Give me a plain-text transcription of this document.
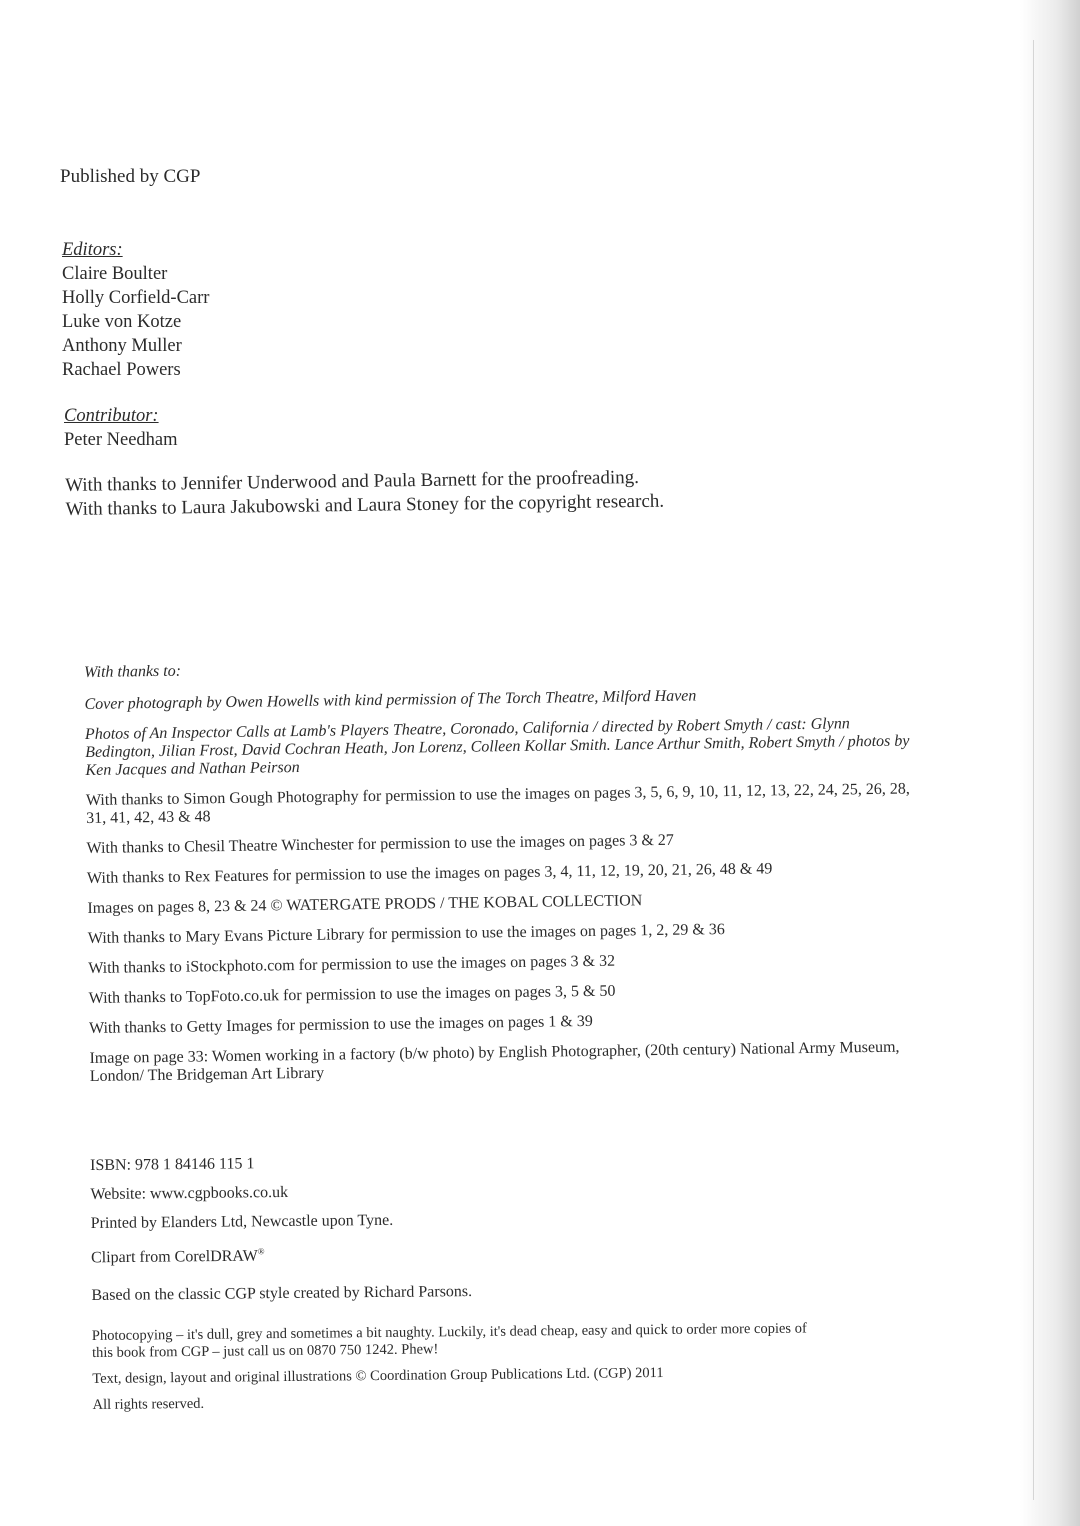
Published by CGP
Editors:
Claire Boulter
Holly Corfield-Carr
Luke von Kotze
Anthony Muller
Rachael Powers
Contributor:
Peter Needham
With thanks to Jennifer Underwood and Paula Barnett for the proofreading.
With thanks to Laura Jakubowski and Laura Stoney for the copyright research.

With thanks to:

Cover photograph by Owen Howells with kind permission of The Torch Theatre, Milford Haven

Photos of An Inspector Calls at Lamb's Players Theatre, Coronado, California / directed by Robert Smyth / cast: Glynn Bedington, Jilian Frost, David Cochran Heath, Jon Lorenz, Colleen Kollar Smith. Lance Arthur Smith, Robert Smyth / photos by Ken Jacques and Nathan Peirson

With thanks to Simon Gough Photography for permission to use the images on pages 3, 5, 6, 9, 10, 11, 12, 13, 22, 24, 25, 26, 28, 31, 41, 42, 43 & 48

With thanks to Chesil Theatre Winchester for permission to use the images on pages 3 & 27

With thanks to Rex Features for permission to use the images on pages 3, 4, 11, 12, 19, 20, 21, 26, 48 & 49

Images on pages 8, 23 & 24 © WATERGATE PRODS / THE KOBAL COLLECTION

With thanks to Mary Evans Picture Library for permission to use the images on pages 1, 2, 29 & 36

With thanks to iStockphoto.com for permission to use the images on pages 3 & 32

With thanks to TopFoto.co.uk for permission to use the images on pages 3, 5 & 50

With thanks to Getty Images for permission to use the images on pages 1 & 39

Image on page 33: Women working in a factory (b/w photo) by English Photographer, (20th century) National Army Museum, London/ The Bridgeman Art Library

ISBN: 978 1 84146 115 1

Website: www.cgpbooks.co.uk

Printed by Elanders Ltd, Newcastle upon Tyne.

Clipart from CorelDRAW®

Based on the classic CGP style created by Richard Parsons.

Photocopying – it's dull, grey and sometimes a bit naughty. Luckily, it's dead cheap, easy and quick to order more copies of this book from CGP – just call us on 0870 750 1242. Phew!

Text, design, layout and original illustrations © Coordination Group Publications Ltd. (CGP) 2011

All rights reserved.
